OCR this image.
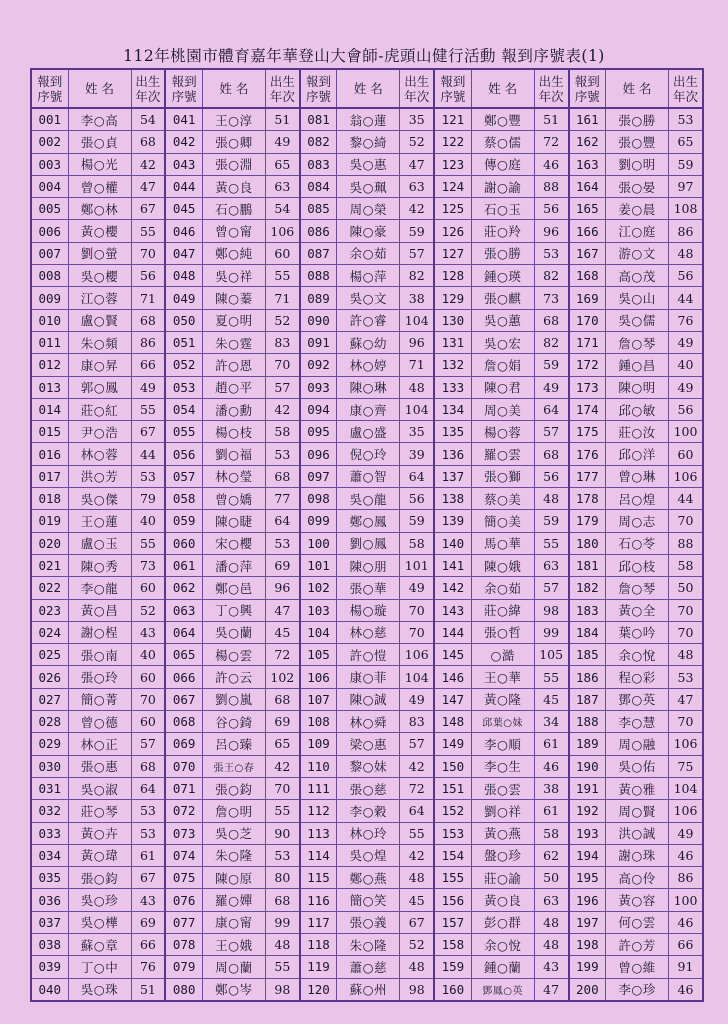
112年桃園市體育嘉年華登山大會師-虎頭山健行活動 報到序號表(1)
報到序號	姓 名	出生年次	報到序號	姓 名	出生年次	報到序號	姓 名	出生年次	報到序號	姓 名	出生年次	報到序號	姓 名	出生年次
001	李○高	54	041	王○淳	51	081	翁○蓮	35	121	鄭○豐	51	161	張○勝	53
002	張○貞	68	042	張○卿	49	082	黎○綺	52	122	蔡○儒	72	162	張○豐	65
003	楊○光	42	043	張○淵	65	083	吳○惠	47	123	傳○庭	46	163	劉○明	59
004	曾○權	47	044	黃○良	63	084	吳○珮	63	124	謝○諭	88	164	張○晏	97
005	鄭○林	67	045	石○鵬	54	085	周○榮	42	125	石○玉	56	165	姜○晨	108
006	黃○櫻	55	046	曾○甯	106	086	陳○豪	59	126	莊○羚	96	166	江○庭	86
007	劉○螢	70	047	鄭○純	60	087	余○茹	57	127	張○勝	53	167	游○文	48
008	吳○櫻	56	048	吳○祥	55	088	楊○萍	82	128	鍾○瑛	82	168	高○茂	56
009	江○蓉	71	049	陳○蓁	71	089	吳○文	38	129	張○麒	73	169	吳○山	44
010	盧○賢	68	050	夏○明	52	090	許○睿	104	130	吳○蕙	68	170	吳○儒	76
011	朱○頻	86	051	朱○霆	83	091	蘇○幼	96	131	吳○宏	82	171	詹○琴	49
012	康○昇	66	052	許○恩	70	092	林○婷	71	132	詹○娟	59	172	鍾○昌	40
013	郭○鳳	49	053	趙○平	57	093	陳○琳	48	133	陳○君	49	173	陳○明	49
014	莊○紅	55	054	潘○勳	42	094	康○齊	104	134	周○美	64	174	邱○敏	56
015	尹○浩	67	055	楊○枝	58	095	盧○盛	35	135	楊○蓉	57	175	莊○汝	100
016	林○蓉	44	056	劉○福	53	096	倪○玲	39	136	羅○雲	68	176	邱○洋	60
017	洪○芳	53	057	林○瑩	68	097	蕭○智	64	137	張○獅	56	177	曾○琳	106
018	吳○傑	79	058	曾○嬌	77	098	吳○龍	56	138	蔡○美	48	178	呂○煌	44
019	王○蓮	40	059	陳○睫	64	099	鄭○鳳	59	139	簡○美	59	179	周○志	70
020	盧○玉	55	060	宋○櫻	53	100	劉○鳳	58	140	馬○華	55	180	石○苓	88
021	陳○秀	73	061	潘○萍	69	101	陳○朋	101	141	陳○娥	63	181	邱○枝	58
022	李○龍	60	062	鄭○邑	96	102	張○華	49	142	余○茹	57	182	詹○琴	50
023	黃○昌	52	063	丁○興	47	103	楊○璇	70	143	莊○緯	98	183	黃○全	70
024	謝○桯	43	064	吳○蘭	45	104	林○慈	70	144	張○哲	99	184	葉○吟	70
025	張○南	40	065	楊○雲	72	105	許○愷	106	145	○澔	105	185	余○悅	48
026	張○玲	60	066	許○云	102	106	康○菲	104	146	王○華	55	186	程○彩	53
027	簡○菁	70	067	劉○嵐	68	107	陳○誠	49	147	黃○隆	45	187	鄧○英	47
028	曾○德	60	068	谷○錡	69	108	林○舜	83	148	邱葉○妹	34	188	李○慧	70
029	林○正	57	069	呂○臻	65	109	梁○惠	57	149	李○順	61	189	周○融	106
030	張○惠	68	070	張王○春	42	110	黎○妹	42	150	李○生	46	190	吳○佑	75
031	吳○淑	64	071	張○鈞	70	111	張○慈	72	151	張○雲	38	191	黃○雅	104
032	莊○琴	53	072	詹○明	55	112	李○穀	64	152	劉○祥	61	192	周○賢	106
033	黃○卉	53	073	吳○芝	90	113	林○玲	55	153	黃○燕	58	193	洪○誠	49
034	黃○瑋	61	074	朱○隆	53	114	吳○煌	42	154	盤○珍	62	194	謝○珠	46
035	張○鈞	67	075	陳○原	80	115	鄭○燕	48	155	莊○諭	50	195	高○伶	86
036	吳○珍	43	076	羅○嬋	68	116	簡○笑	45	156	黃○良	63	196	黃○容	100
037	吳○樺	69	077	康○甯	99	117	張○義	67	157	彭○群	48	197	何○雲	46
038	蘇○章	66	078	王○娥	48	118	朱○隆	52	158	余○悅	48	198	許○芳	66
039	丁○中	76	079	周○蘭	55	119	蕭○慈	48	159	鍾○蘭	43	199	曾○維	91
040	吳○珠	51	080	鄭○岑	98	120	蘇○州	98	160	鄧鳳○英	47	200	李○珍	46
